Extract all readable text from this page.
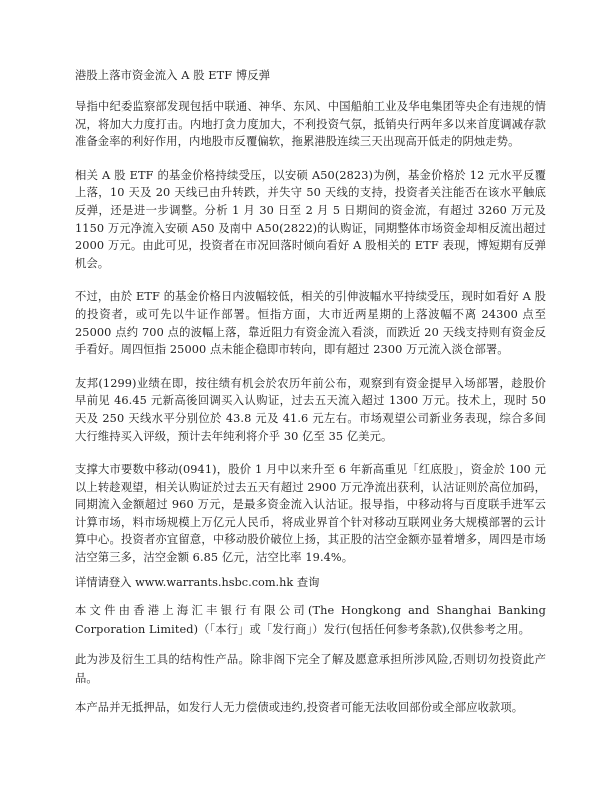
港股上落市资金流入 A 股 ETF 博反弹

导指中纪委监察部发现包括中联通、神华、东风、中国船舶工业及华电集团等央企有违规的情况，将加大力度打击。内地打贪力度加大，不利投资气氛，抵销央行两年多以来首度调减存款准备金率的利好作用，内地股市反覆偏软，拖累港股连续三天出现高开低走的阴烛走势。

相关 A 股 ETF 的基金价格持续受压，以安硕 A50(2823)为例，基金价格於 12 元水平反覆上落，10 天及 20 天线已由升转跌，并失守 50 天线的支持，投资者关注能否在该水平触底反弹，还是进一步调整。分析 1 月 30 日至 2 月 5 日期间的资金流，有超过 3260 万元及 1150 万元净流入安硕 A50 及南中 A50(2822)的认购证，同期整体市场资金却相反流出超过 2000 万元。由此可见，投资者在市况回落时倾向看好 A 股相关的 ETF 表现，博短期有反弹机会。

不过，由於 ETF 的基金价格日内波幅较低，相关的引伸波幅水平持续受压，现时如看好 A 股的投资者，或可先以牛证作部署。恒指方面，大市近两星期的上落波幅不离 24300 点至 25000 点约 700 点的波幅上落，靠近阻力有资金流入看淡，而跌近 20 天线支持则有资金反手看好。周四恒指 25000 点未能企稳即市转向，即有超过 2300 万元流入淡仓部署。

友邦(1299)业绩在即，按往绩有机会於农历年前公布，观察到有资金提早入场部署，趁股价早前见 46.45 元新高後回调买入认购证，过去五天流入超过 1300 万元。技术上，现时 50 天及 250 天线水平分别位於 43.8 元及 41.6 元左右。市场观望公司新业务表现，综合多间大行维持买入评级，预计去年纯利将介乎 30 亿至 35 亿美元。

支撑大市要数中移动(0941)，股价 1 月中以来升至 6 年新高重见「红底股」，资金於 100 元以上转趁观望，相关认购证於过去五天有超过 2900 万元净流出获利，认沽证则於高位加码，同期流入金额超过 960 万元，是最多资金流入认沽证。报导指，中移动将与百度联手进军云计算市场，料市场规模上万亿元人民币，将成业界首个针对移动互联网业务大规模部署的云计算中心。投资者亦宜留意，中移动股价破位上扬，其正股的沽空金额亦显着增多，周四是市场沽空第三多，沽空金额 6.85 亿元，沽空比率 19.4%。

详情请登入 www.warrants.hsbc.com.hk 查询

本文件由香港上海汇丰银行有限公司(The Hongkong and Shanghai Banking Corporation Limited)（「本行」或「发行商」）发行(包括任何参考条款),仅供参考之用。

此为涉及衍生工具的结构性产品。除非阁下完全了解及愿意承担所涉风险,否则切勿投资此产品。

本产品并无抵押品，如发行人无力偿债或违约,投资者可能无法收回部份或全部应收款项。
